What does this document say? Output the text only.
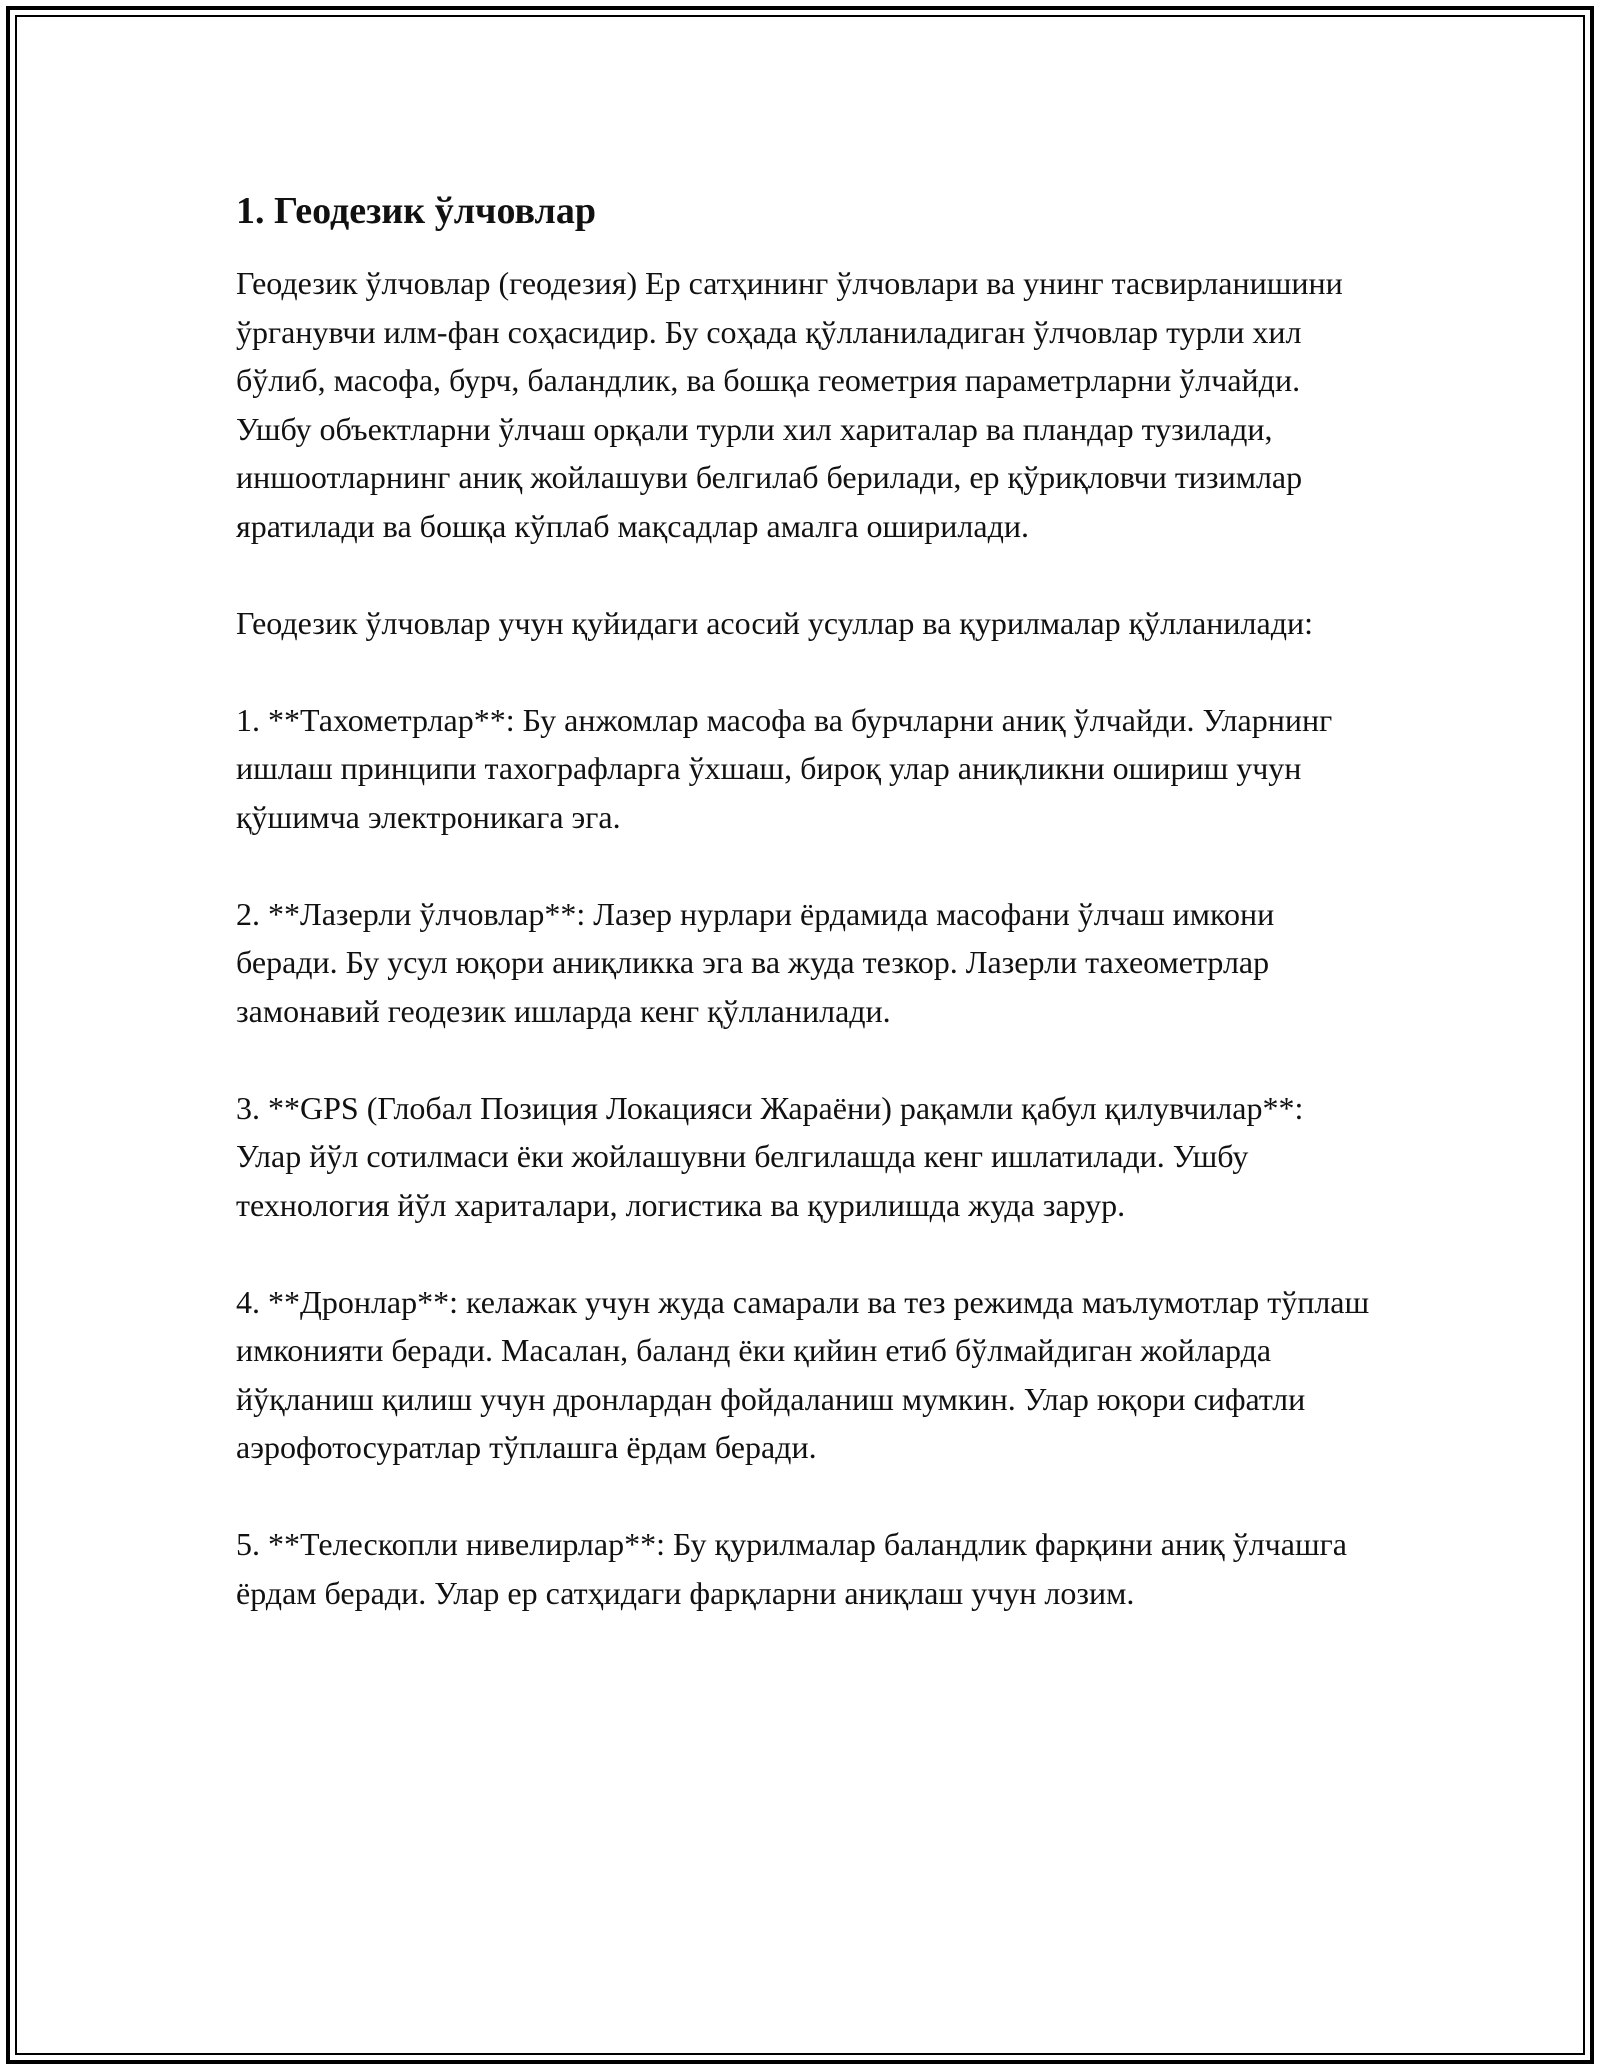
1. Геодезик ўлчовлар

Геодезик ўлчовлар (геодезия) Ер сатҳининг ўлчовлари ва унинг тасвирланишини ўрганувчи илм-фан соҳасидир. Бу соҳада қўлланиладиган ўлчовлар турли хил бўлиб, масофа, бурч, баландлик, ва бошқа геометрия параметрларни ўлчайди. Ушбу объектларни ўлчаш орқали турли хил хариталар ва пландар тузилади, иншоотларнинг аниқ жойлашуви белгилаб берилади, ер қўриқловчи тизимлар яратилади ва бошқа кўплаб мақсадлар амалга оширилади.

Геодезик ўлчовлар учун қуйидаги асосий усуллар ва қурилмалар қўлланилади:

1. **Тахометрлар**: Бу анжомлар масофа ва бурчларни аниқ ўлчайди. Уларнинг ишлаш принципи тахографларга ўхшаш, бироқ улар аниқликни ошириш учун қўшимча электроникага эга.

2. **Лазерли ўлчовлар**: Лазер нурлари ёрдамида масофани ўлчаш имкони беради. Бу усул юқори аниқликка эга ва жуда тезкор. Лазерли тахеометрлар замонавий геодезик ишларда кенг қўлланилади.

3. **GPS (Глобал Позиция Локацияси Жараёни) рақамли қабул қилувчилар**: Улар йўл сотилмаси ёки жойлашувни белгилашда кенг ишлатилади. Ушбу технология йўл хариталари, логистика ва қурилишда жуда зарур.

4. **Дронлар**: келажак учун жуда самарали ва тез режимда маълумотлар тўплаш имконияти беради. Масалан, баланд ёки қийин етиб бўлмайдиган жойларда йўқланиш қилиш учун дронлардан фойдаланиш мумкин. Улар юқори сифатли аэрофотосуратлар тўплашга ёрдам беради.

5. **Телескопли нивелирлар**: Бу қурилмалар баландлик фарқини аниқ ўлчашга ёрдам беради. Улар ер сатҳидаги фарқларни аниқлаш учун лозим.
